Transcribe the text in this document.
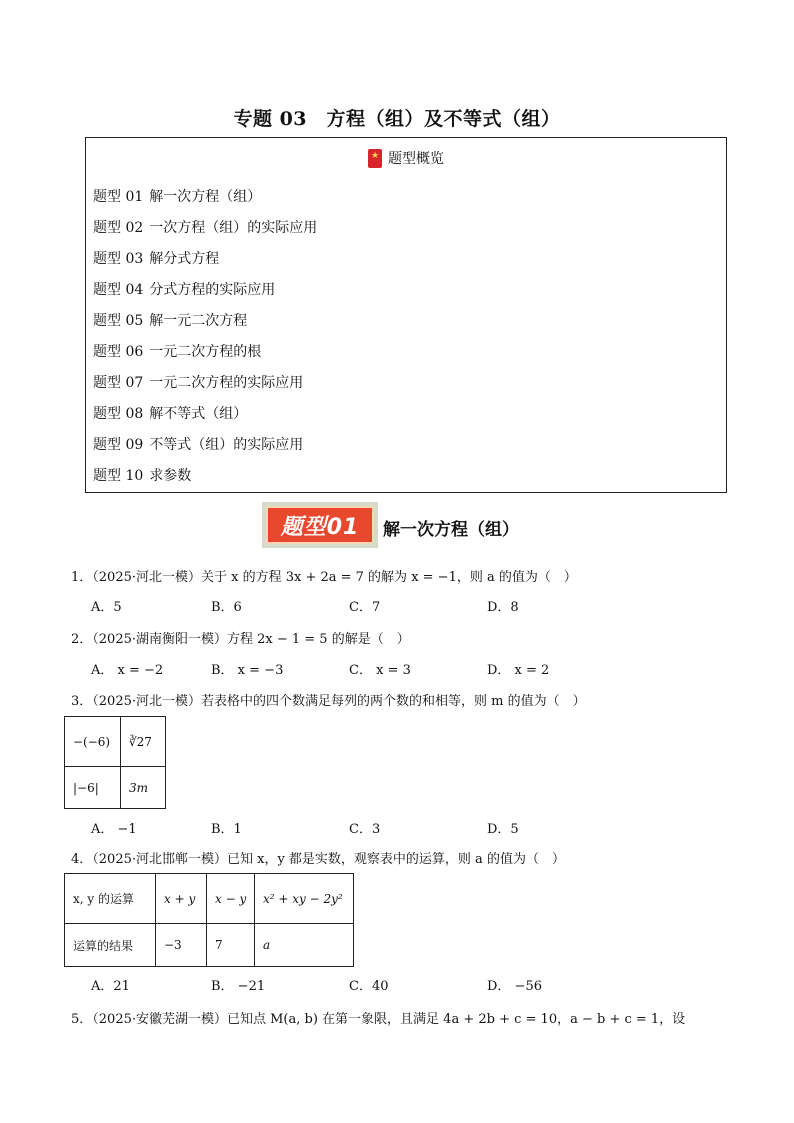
专题 03　方程（组）及不等式（组）
★ 题型概览
题型 01 解一次方程（组）
题型 02 一次方程（组）的实际应用
题型 03 解分式方程
题型 04 分式方程的实际应用
题型 05 解一元二次方程
题型 06 一元二次方程的根
题型 07 一元二次方程的实际应用
题型 08 解不等式（组）
题型 09 不等式（组）的实际应用
题型 10 求参数
题型01	解一次方程（组）
1．（2025·河北一模）关于 x 的方程 3x + 2a = 7 的解为 x = −1，则 a 的值为（　）
A．5	B．6	C．7	D．8
2．（2025·湖南衡阳一模）方程 2x − 1 = 5 的解是（　）
A． x = −2	B． x = −3	C． x = 3	D． x = 2
3．（2025·河北一模）若表格中的四个数满足每列的两个数的和相等，则 m 的值为（　）
−(−6)	∛27
|−6|	3m
A． −1	B．1	C．3	D．5
4．（2025·河北邯郸一模）已知 x，y 都是实数，观察表中的运算，则 a 的值为（　）
x, y 的运算	x + y	x − y	x² + xy − 2y²
运算的结果	−3	7	a
A．21	B． −21	C．40	D． −56
5．（2025·安徽芜湖一模）已知点 M(a, b) 在第一象限，且满足 4a + 2b + c = 10，a − b + c = 1，设
